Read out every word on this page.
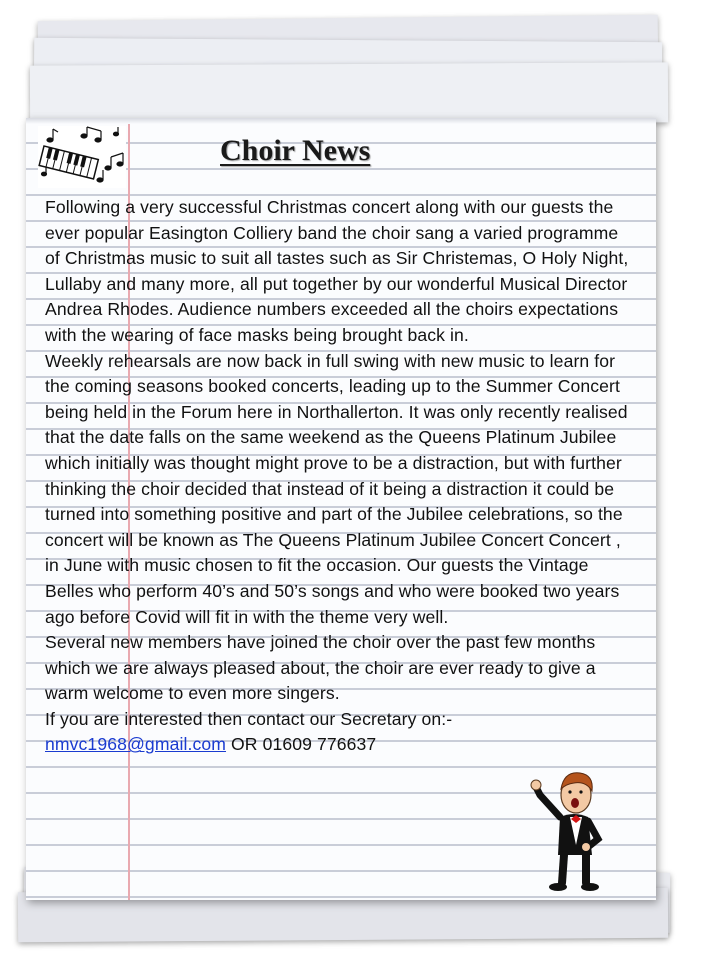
Choir News

Following a very successful Christmas concert along with our guests the ever popular Easington Colliery band the choir sang a varied programme of Christmas music to suit all tastes such as Sir Christemas, O Holy Night, Lullaby and many more, all put together by our wonderful Musical Director Andrea Rhodes. Audience numbers exceeded all the choirs expectations with the wearing of face masks being brought back in.

Weekly rehearsals are now back in full swing with new music to learn for the coming seasons booked concerts, leading up to the Summer Concert being held in the Forum here in Northallerton. It was only recently realised that the date falls on the same weekend as the Queens Platinum Jubilee which initially was thought might prove to be a distraction, but with further thinking the choir decided that instead of it being a distraction it could be turned into something positive and part of the Jubilee celebrations, so the concert will be known as The Queens Platinum Jubilee Concert Concert , in June with music chosen to fit the occasion. Our guests the Vintage Belles who perform 40’s and 50’s songs and who were booked two years ago before Covid will fit in with the theme very well.

Several new members have joined the choir over the past few months which we are always pleased about, the choir are ever ready to give a warm welcome to even more singers.

If you are interested then contact our Secretary on:-

nmvc1968@gmail.com OR 01609 776637
